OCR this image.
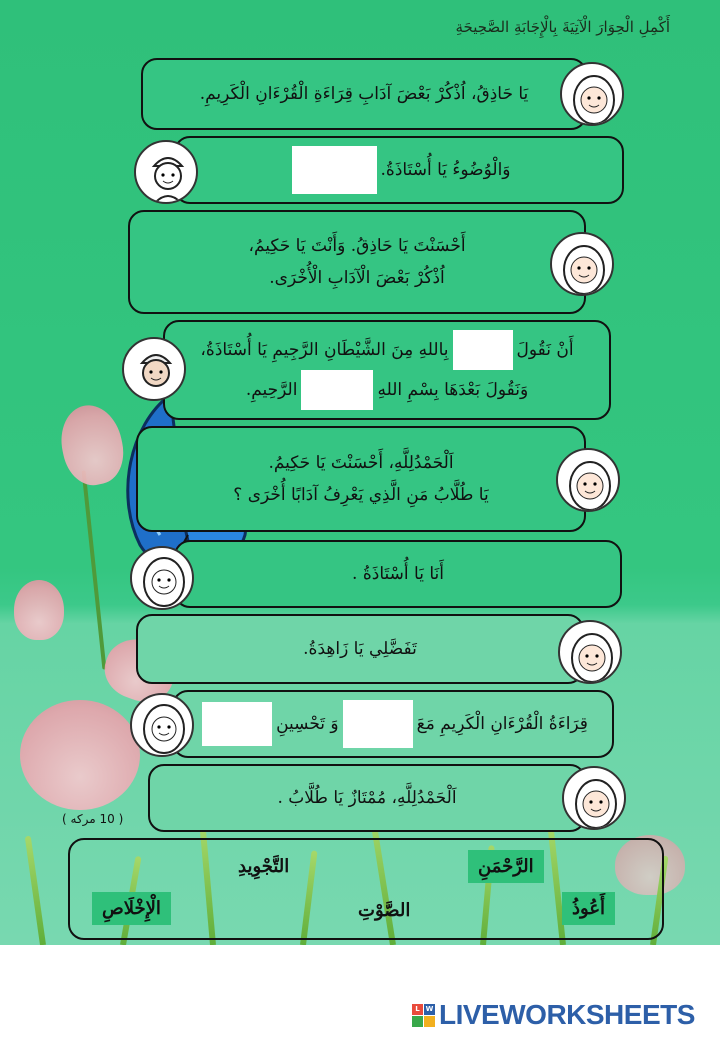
أَكْمِلِ الْحِوَارَ الْآتِيَةَ بِالْإِجَابَةِ الصَّحِيحَةِ
يَا حَاذِقُ، اُذْكُرْ بَعْضَ آدَابِ قِرَاءَةِ الْقُرْءَانِ الْكَرِيمِ.
وَالْوُضُوءُ يَا أُسْتَاذَةُ.
أَحْسَنْتَ يَا حَاذِقُ. وَأَنْتَ يَا حَكِيمُ،
اُذْكُرْ بَعْضَ الْآدَابِ الْأُخْرَى.
أَنْ نَقُولَ
بِاللهِ مِنَ الشَّيْطَانِ الرَّجِيمِ يَا أُسْتَاذَةُ،
وَنَقُولَ بَعْدَهَا بِسْمِ اللهِ
الرَّحِيمِ.
اَلْحَمْدُلِلَّهِ، أَحْسَنْتَ يَا حَكِيمُ.
يَا طُلَّابُ مَنِ الَّذِي يَعْرِفُ آدَابًا أُخْرَى ؟
أَنَا يَا أُسْتَاذَةُ .
تَفَضَّلِي يَا زَاهِدَةُ.
قِرَاءَةُ الْقُرْءَانِ الْكَرِيمِ مَعَ
وَ تَحْسِينِ
اَلْحَمْدُلِلَّهِ، مُمْتَازٌ يَا طُلَّابُ .
( 10 مركه )
الرَّحْمَنِ
التَّجْوِيدِ
أَعُوذُ
الصَّوْتِ
الْإِخْلَاصِ
L W LIVEWORKSHEETS
